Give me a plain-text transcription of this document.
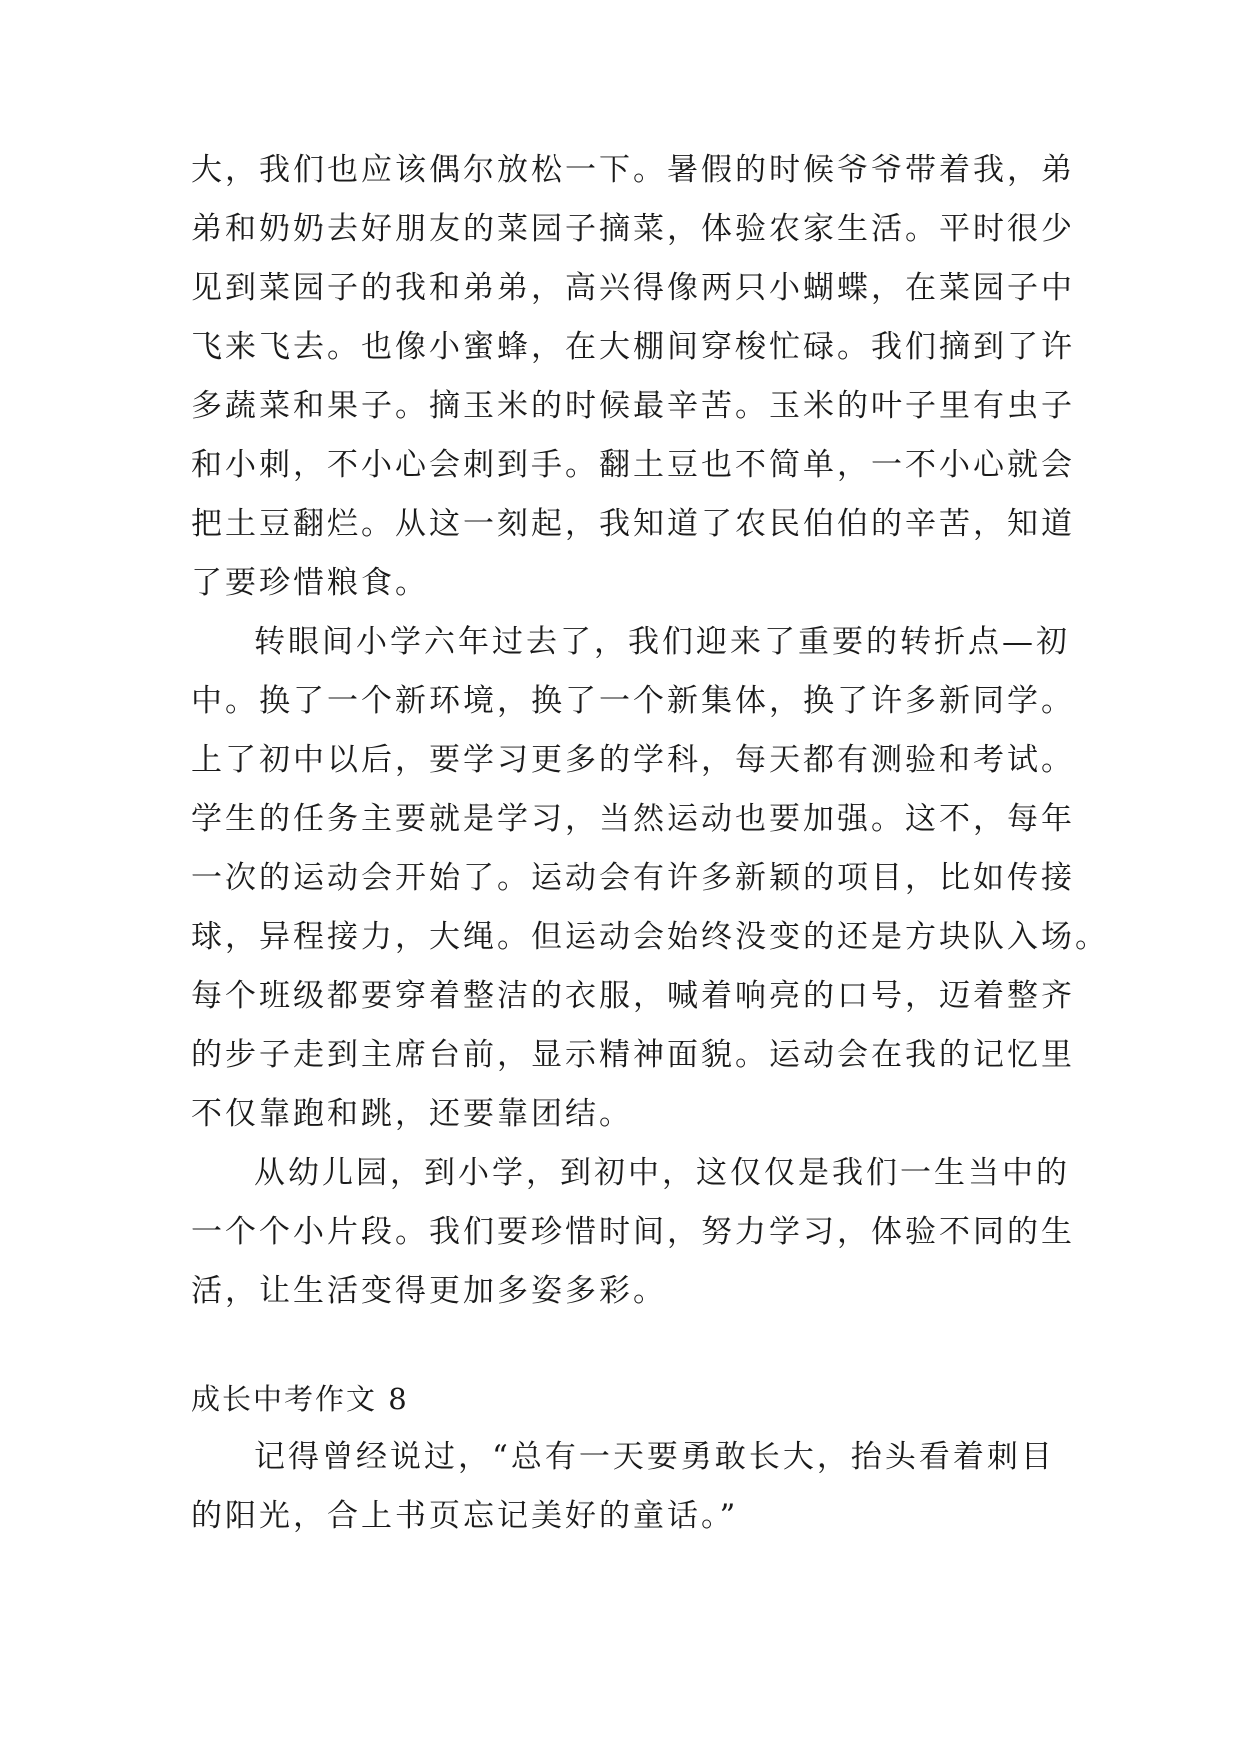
大，我们也应该偶尔放松一下。暑假的时候爷爷带着我，弟
弟和奶奶去好朋友的菜园子摘菜，体验农家生活。平时很少
见到菜园子的我和弟弟，高兴得像两只小蝴蝶，在菜园子中
飞来飞去。也像小蜜蜂，在大棚间穿梭忙碌。我们摘到了许
多蔬菜和果子。摘玉米的时候最辛苦。玉米的叶子里有虫子
和小刺，不小心会刺到手。翻土豆也不简单，一不小心就会
把土豆翻烂。从这一刻起，我知道了农民伯伯的辛苦，知道
了要珍惜粮食。
转眼间小学六年过去了，我们迎来了重要的转折点—初
中。换了一个新环境，换了一个新集体，换了许多新同学。
上了初中以后，要学习更多的学科，每天都有测验和考试。
学生的任务主要就是学习，当然运动也要加强。这不，每年
一次的运动会开始了。运动会有许多新颖的项目，比如传接
球，异程接力，大绳。但运动会始终没变的还是方块队入场。
每个班级都要穿着整洁的衣服，喊着响亮的口号，迈着整齐
的步子走到主席台前，显示精神面貌。运动会在我的记忆里
不仅靠跑和跳，还要靠团结。
从幼儿园，到小学，到初中，这仅仅是我们一生当中的
一个个小片段。我们要珍惜时间，努力学习，体验不同的生
活，让生活变得更加多姿多彩。
成长中考作文 8
记得曾经说过，“总有一天要勇敢长大，抬头看着刺目
的阳光，合上书页忘记美好的童话。”
